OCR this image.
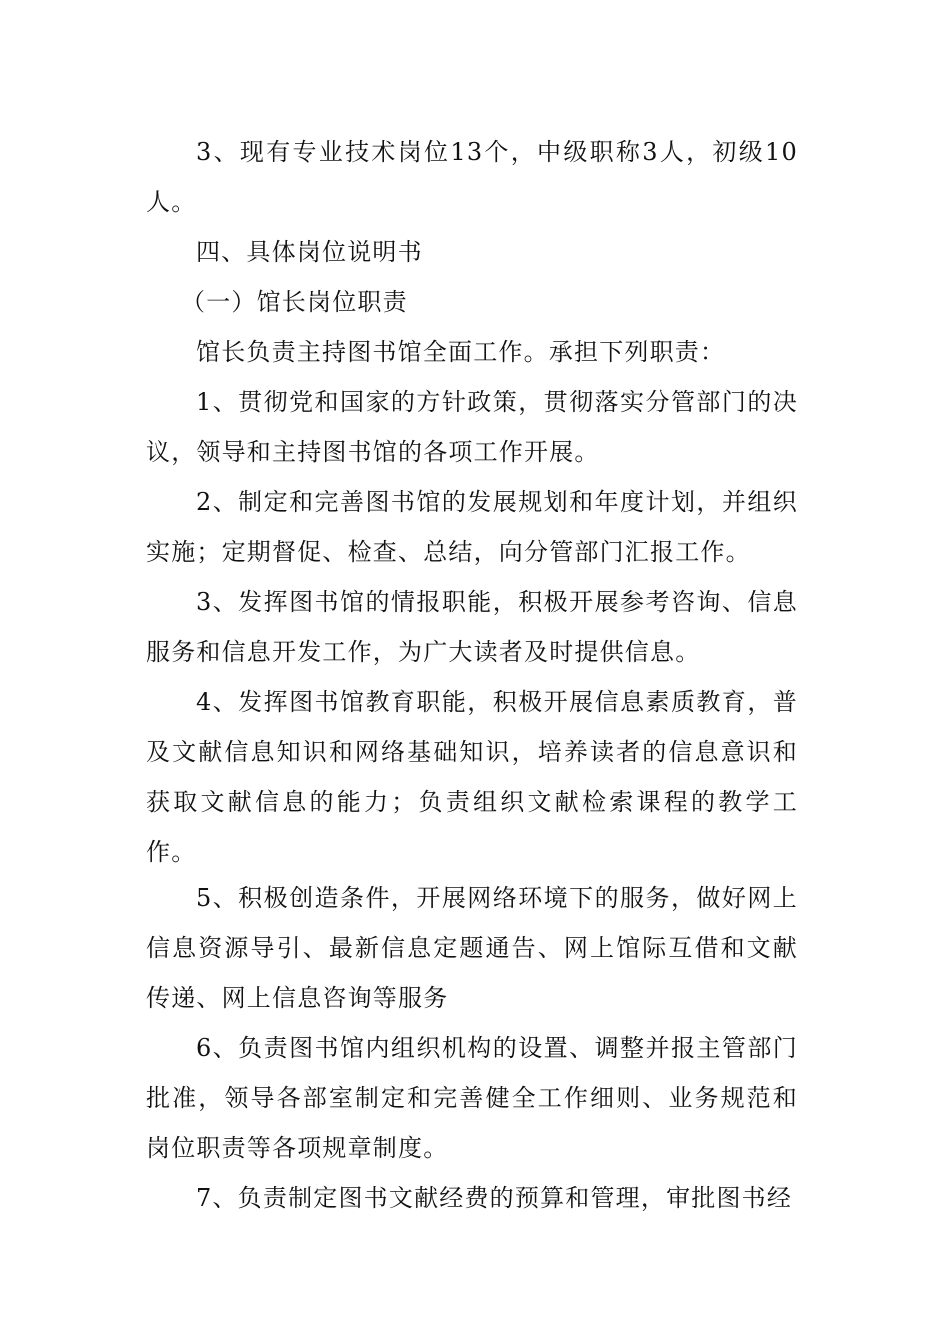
3、现有专业技术岗位13个，中级职称3人，初级10人。

四、具体岗位说明书

（一）馆长岗位职责

馆长负责主持图书馆全面工作。承担下列职责：

1、贯彻党和国家的方针政策，贯彻落实分管部门的决议，领导和主持图书馆的各项工作开展。

2、制定和完善图书馆的发展规划和年度计划，并组织实施；定期督促、检查、总结，向分管部门汇报工作。

3、发挥图书馆的情报职能，积极开展参考咨询、信息服务和信息开发工作，为广大读者及时提供信息。

4、发挥图书馆教育职能，积极开展信息素质教育，普及文献信息知识和网络基础知识，培养读者的信息意识和获取文献信息的能力；负责组织文献检索课程的教学工作。

5、积极创造条件，开展网络环境下的服务，做好网上信息资源导引、最新信息定题通告、网上馆际互借和文献传递、网上信息咨询等服务

6、负责图书馆内组织机构的设置、调整并报主管部门批准，领导各部室制定和完善健全工作细则、业务规范和岗位职责等各项规章制度。

7、负责制定图书文献经费的预算和管理，审批图书经
